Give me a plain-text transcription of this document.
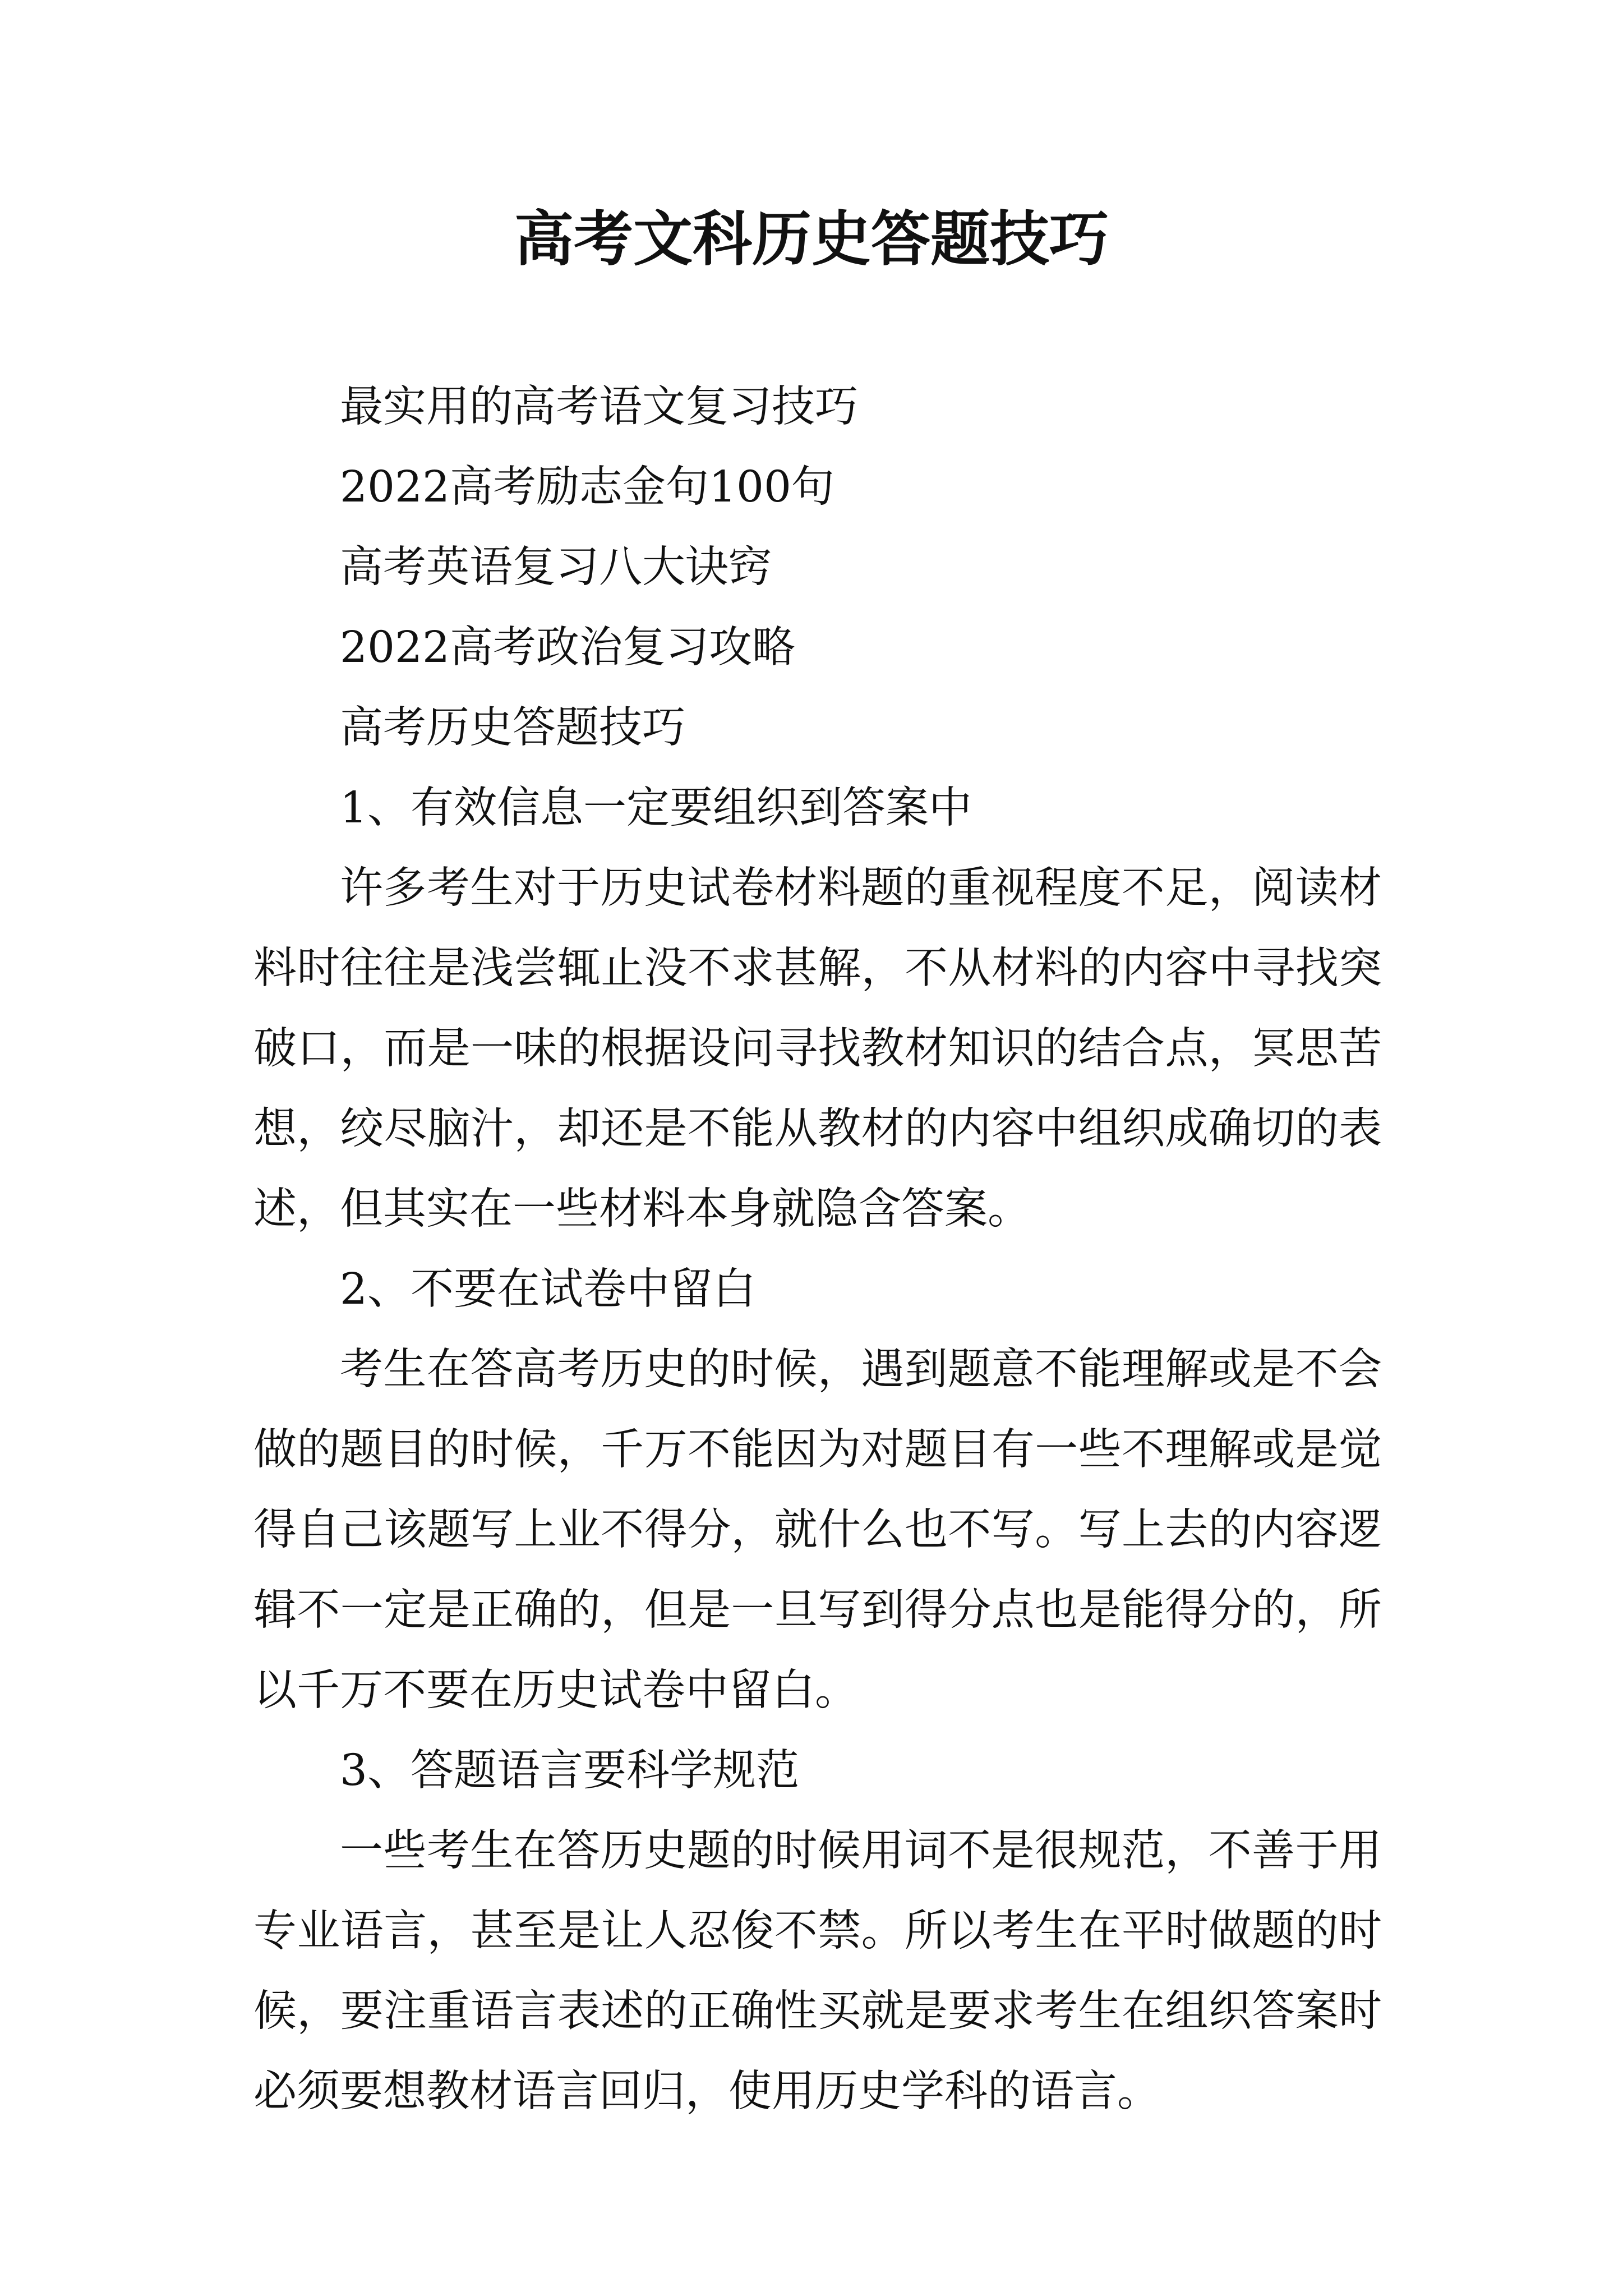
高考文科历史答题技巧

最实用的高考语文复习技巧

2022高考励志金句100句

高考英语复习八大诀窍

2022高考政治复习攻略

高考历史答题技巧

1、有效信息一定要组织到答案中

许多考生对于历史试卷材料题的重视程度不足，阅读材料时往往是浅尝辄止没不求甚解，不从材料的内容中寻找突破口，而是一味的根据设问寻找教材知识的结合点，冥思苦想，绞尽脑汁，却还是不能从教材的内容中组织成确切的表述，但其实在一些材料本身就隐含答案。

2、不要在试卷中留白

考生在答高考历史的时候，遇到题意不能理解或是不会做的题目的时候，千万不能因为对题目有一些不理解或是觉得自己该题写上业不得分，就什么也不写。写上去的内容逻辑不一定是正确的，但是一旦写到得分点也是能得分的，所以千万不要在历史试卷中留白。

3、答题语言要科学规范

一些考生在答历史题的时候用词不是很规范，不善于用专业语言，甚至是让人忍俊不禁。所以考生在平时做题的时候，要注重语言表述的正确性买就是要求考生在组织答案时必须要想教材语言回归，使用历史学科的语言。
